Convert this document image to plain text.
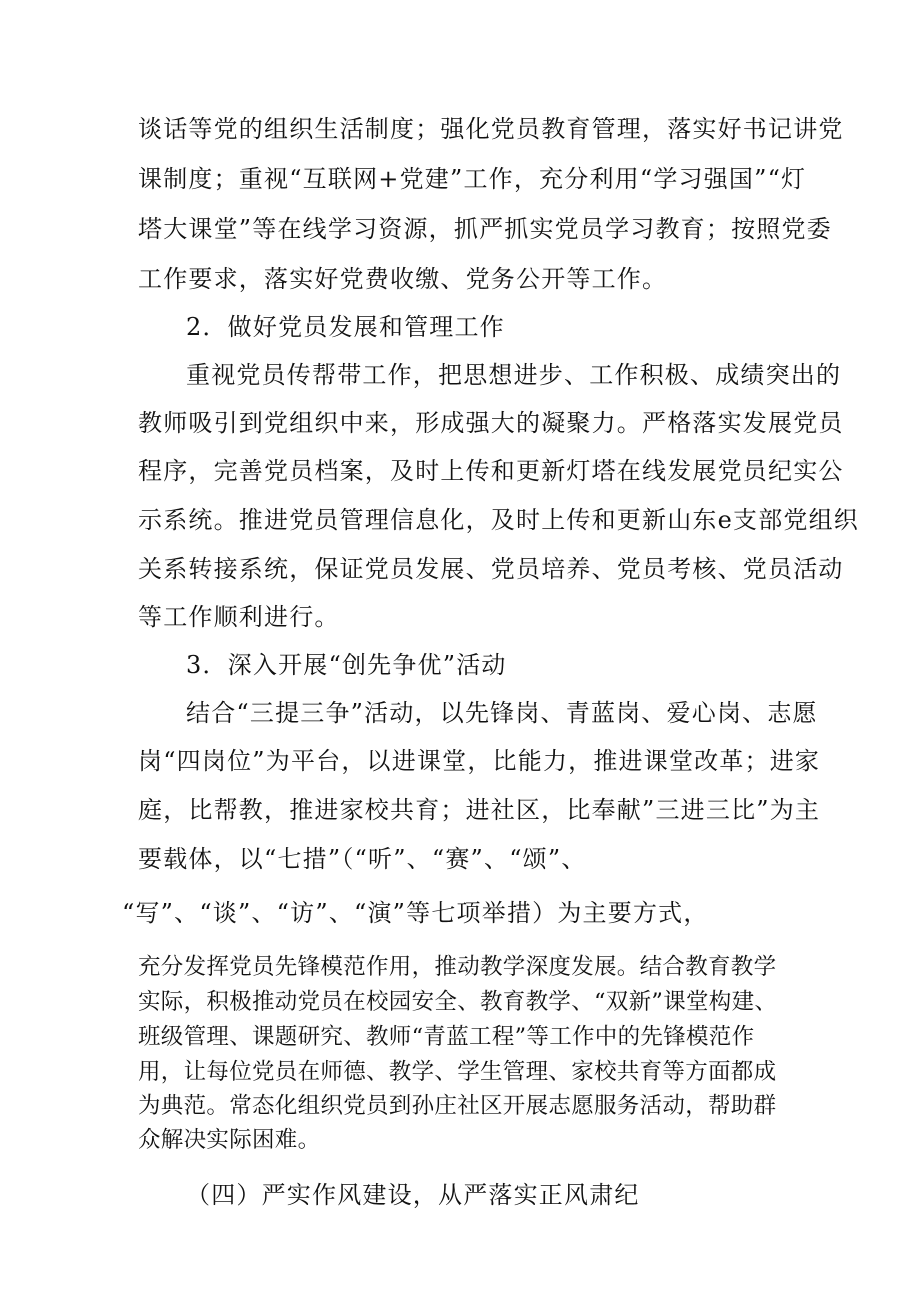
谈话等党的组织生活制度；强化党员教育管理，落实好书记讲党
课制度；重视“互联网+党建”工作，充分利用“学习强国”“灯
塔大课堂”等在线学习资源，抓严抓实党员学习教育；按照党委
工作要求，落实好党费收缴、党务公开等工作。
2．做好党员发展和管理工作
重视党员传帮带工作，把思想进步、工作积极、成绩突出的
教师吸引到党组织中来，形成强大的凝聚力。严格落实发展党员
程序，完善党员档案，及时上传和更新灯塔在线发展党员纪实公
示系统。推进党员管理信息化，及时上传和更新山东e支部党组织
关系转接系统，保证党员发展、党员培养、党员考核、党员活动
等工作顺利进行。
3．深入开展“创先争优”活动
结合“三提三争”活动，以先锋岗、青蓝岗、爱心岗、志愿
岗“四岗位”为平台，以进课堂，比能力，推进课堂改革；进家
庭，比帮教，推进家校共育；进社区，比奉献”三进三比”为主
要载体，以“七措”（“听”、“赛”、“颂”、
“写”、“谈”、“访”、“演”等七项举措）为主要方式，
充分发挥党员先锋模范作用，推动教学深度发展。结合教育教学
实际，积极推动党员在校园安全、教育教学、“双新”课堂构建、
班级管理、课题研究、教师“青蓝工程”等工作中的先锋模范作
用，让每位党员在师德、教学、学生管理、家校共育等方面都成
为典范。常态化组织党员到孙庄社区开展志愿服务活动，帮助群
众解决实际困难。
（四）严实作风建设，从严落实正风肃纪
